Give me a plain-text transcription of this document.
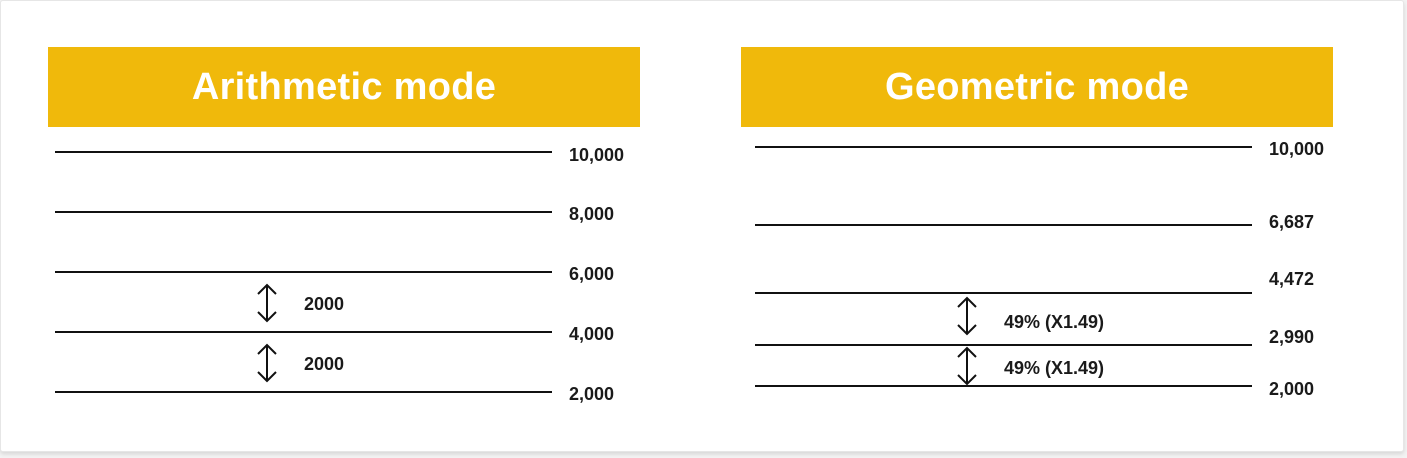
Arithmetic mode
10,000
8,000
6,000
4,000
2,000
2000
2000
Geometric mode
10,000
6,687
4,472
2,990
2,000
49% (X1.49)
49% (X1.49)
